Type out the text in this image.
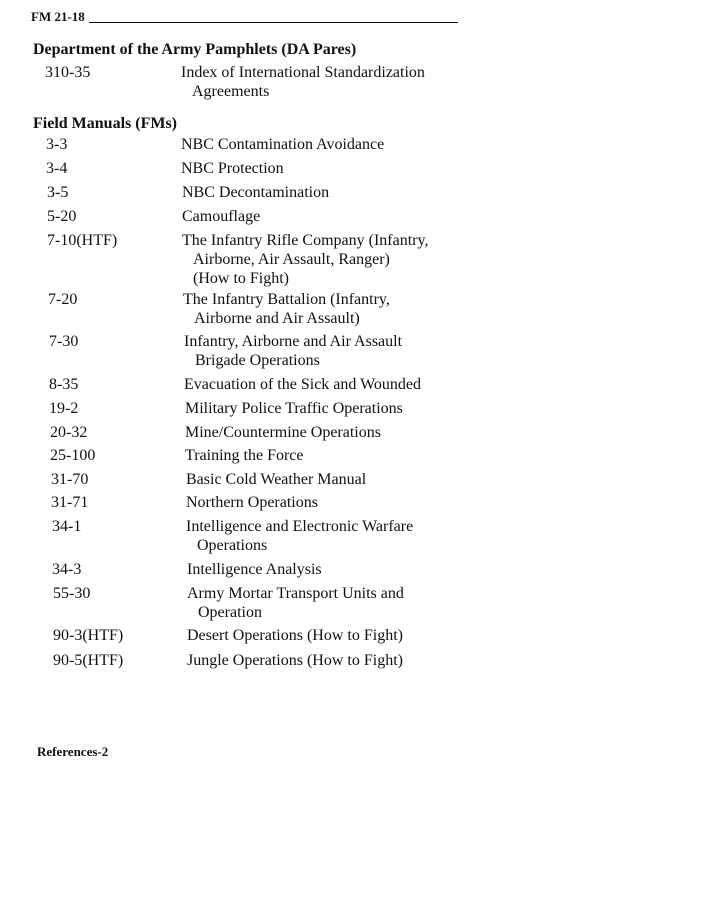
FM 21-18
Department of the Army Pamphlets (DA Pares)
Field Manuals (FMs)
310-35	Index of International Standardization
Agreements
3-3	NBC Contamination Avoidance
3-4	NBC Protection
3-5	NBC Decontamination
5-20	Camouflage
7-10(HTF)	The Infantry Rifle Company (Infantry,
Airborne, Air Assault, Ranger)
(How to Fight)
7-20	The Infantry Battalion (Infantry,
Airborne and Air Assault)
7-30	Infantry, Airborne and Air Assault
Brigade Operations
8-35	Evacuation of the Sick and Wounded
19-2	Military Police Traffic Operations
20-32	Mine/Countermine Operations
25-100	Training the Force
31-70	Basic Cold Weather Manual
31-71	Northern Operations
34-1	Intelligence and Electronic Warfare
Operations
34-3	Intelligence Analysis
55-30	Army Mortar Transport Units and
Operation
90-3(HTF)	Desert Operations (How to Fight)
90-5(HTF)	Jungle Operations (How to Fight)
References-2
